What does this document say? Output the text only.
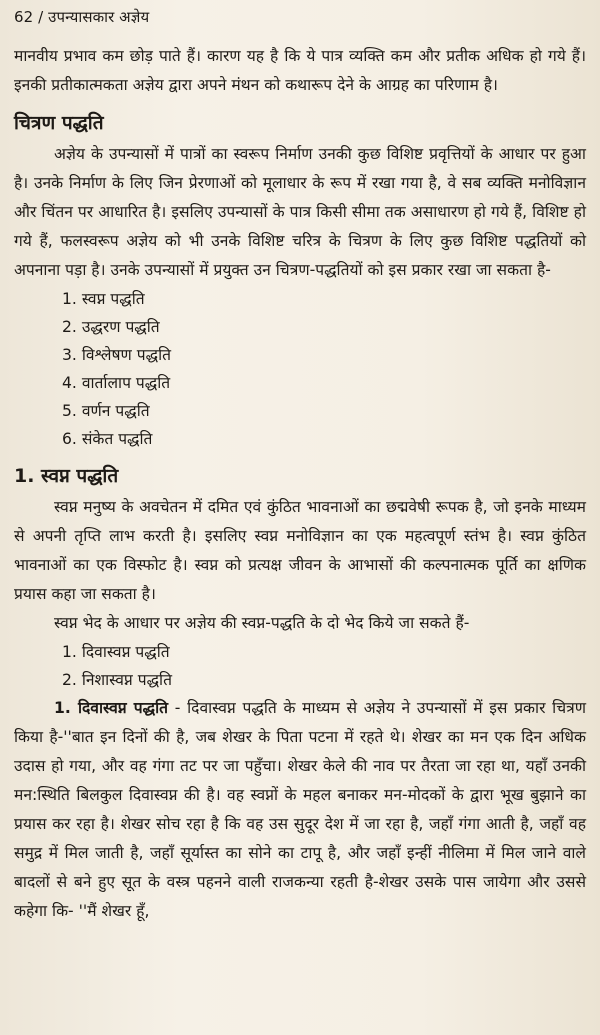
62 / उपन्यासकार अज्ञेय

मानवीय प्रभाव कम छोड़ पाते हैं। कारण यह है कि ये पात्र व्यक्ति कम और प्रतीक अधिक हो गये हैं। इनकी प्रतीकात्मकता अज्ञेय द्वारा अपने मंथन को कथारूप देने के आग्रह का परिणाम है।

चित्रण पद्धति

अज्ञेय के उपन्यासों में पात्रों का स्वरूप निर्माण उनकी कुछ विशिष्ट प्रवृत्तियों के आधार पर हुआ है। उनके निर्माण के लिए जिन प्रेरणाओं को मूलाधार के रूप में रखा गया है, वे सब व्यक्ति मनोविज्ञान और चिंतन पर आधारित है। इसलिए उपन्यासों के पात्र किसी सीमा तक असाधारण हो गये हैं, विशिष्ट हो गये हैं, फलस्वरूप अज्ञेय को भी उनके विशिष्ट चरित्र के चित्रण के लिए कुछ विशिष्ट पद्धतियों को अपनाना पड़ा है। उनके उपन्यासों में प्रयुक्त उन चित्रण-पद्धतियों को इस प्रकार रखा जा सकता है-

1. स्वप्न पद्धति
2. उद्धरण पद्धति
3. विश्लेषण पद्धति
4. वार्तालाप पद्धति
5. वर्णन पद्धति
6. संकेत पद्धति
1. स्वप्न पद्धति

स्वप्न मनुष्य के अवचेतन में दमित एवं कुंठित भावनाओं का छद्मवेषी रूपक है, जो इनके माध्यम से अपनी तृप्ति लाभ करती है। इसलिए स्वप्न मनोविज्ञान का एक महत्वपूर्ण स्तंभ है। स्वप्न कुंठित भावनाओं का एक विस्फोट है। स्वप्न को प्रत्यक्ष जीवन के आभासों की कल्पनात्मक पूर्ति का क्षणिक प्रयास कहा जा सकता है।

स्वप्न भेद के आधार पर अज्ञेय की स्वप्न-पद्धति के दो भेद किये जा सकते हैं-

1. दिवास्वप्न पद्धति
2. निशास्वप्न पद्धति

1. दिवास्वप्न पद्धति - दिवास्वप्न पद्धति के माध्यम से अज्ञेय ने उपन्यासों में इस प्रकार चित्रण किया है-''बात इन दिनों की है, जब शेखर के पिता पटना में रहते थे। शेखर का मन एक दिन अधिक उदास हो गया, और वह गंगा तट पर जा पहुँचा। शेखर केले की नाव पर तैरता जा रहा था, यहाँ उनकी मन:स्थिति बिलकुल दिवास्वप्न की है। वह स्वप्नों के महल बनाकर मन-मोदकों के द्वारा भूख बुझाने का प्रयास कर रहा है। शेखर सोच रहा है कि वह उस सुदूर देश में जा रहा है, जहाँ गंगा आती है, जहाँ वह समुद्र में मिल जाती है, जहाँ सूर्यास्त का सोने का टापू है, और जहाँ इन्हीं नीलिमा में मिल जाने वाले बादलों से बने हुए सूत के वस्त्र पहनने वाली राजकन्या रहती है-शेखर उसके पास जायेगा और उससे कहेगा कि- ''मैं शेखर हूँ,
